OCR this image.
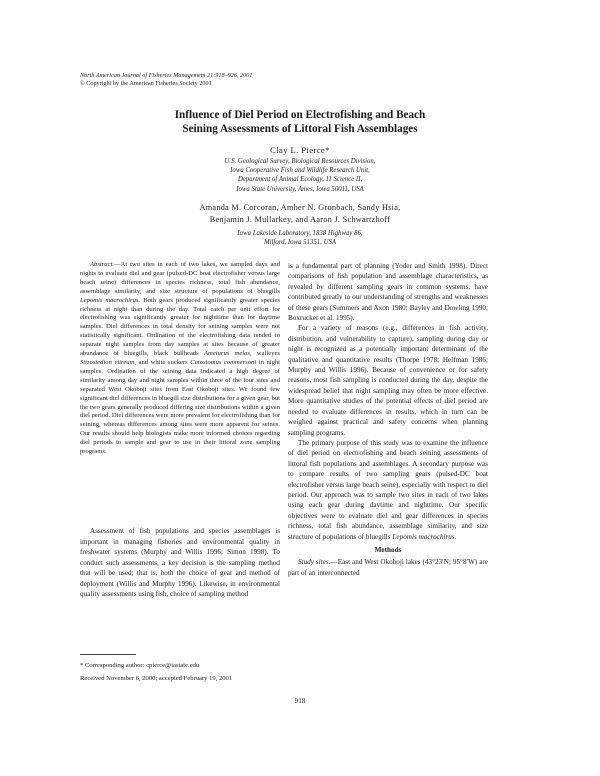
North American Journal of Fisheries Management 21:918–926, 2001
© Copyright by the American Fisheries Society 2001
Influence of Diel Period on Electrofishing and Beach
Seining Assessments of Littoral Fish Assemblages
Clay L. Pierce*
U.S. Geological Survey, Biological Resources Division,
Iowa Cooperative Fish and Wildlife Research Unit,
Department of Animal Ecology, 11 Science II,
Iowa State University, Ames, Iowa 50011, USA
Amanda M. Corcoran, Amber N. Gronbach, Sandy Hsia,
Benjamin J. Mullarkey, and Aaron J. Schwartzhoff
Iowa Lakeside Laboratory, 1838 Highway 86,
Milford, Iowa 51351, USA

Abstract.—At two sites in each of two lakes, we sampled days and nights to evaluate diel and gear (pulsed-DC boat electrofisher versus large beach seine) differences in species richness, total fish abundance, assemblage similarity, and size structure of populations of bluegills Lepomis macrochirus. Both gears produced significantly greater species richness at night than during the day. Total catch per unit effort for electrofishing was significantly greater for nighttime than for daytime samples. Diel differences in total density for seining samples were not statistically significant. Ordination of the electrofishing data tended to separate night samples from day samples at sites because of greater abundance of bluegills, black bullheads Ameiurus melas, walleyes Stizostedion vitreum, and white suckers Catostomus commersoni in night samples. Ordination of the seining data indicated a high degree of similarity among day and night samples within three of the four sites and separated West Okoboji sites from East Okoboji sites. We found few significant diel differences in bluegill size distributions for a given gear, but the two gears generally produced differing size distributions within a given diel period. Diel differences were more prevalent for electrofishing than for seining, whereas differences among sites were more apparent for seines. Our results should help biologists make more informed choices regarding diel periods to sample and gear to use in their littoral zone sampling programs.

Assessment of fish populations and species assemblages is important in managing fisheries and environmental quality in freshwater systems (Murphy and Willis 1996; Simon 1998). To conduct such assessments, a key decision is the sampling method that will be used; that is, both the choice of gear and method of deployment (Willis and Murphy 1996). Likewise, in environmental quality assessments using fish, choice of sampling method

is a fundamental part of planning (Yoder and Smith 1998). Direct comparisons of fish population and assemblage characteristics, as revealed by different sampling gears in common systems, have contributed greatly to our understanding of strengths and weaknesses of these gears (Summers and Axon 1980; Bayley and Dowling 1990; Boxrucker et al. 1995).

For a variety of reasons (e.g., differences in fish activity, distribution, and vulnerability to capture), sampling during day or night is recognized as a potentially important determinant of the qualitative and quantitative results (Thorpe 1978; Helfman 1986; Murphy and Willis 1996). Because of convenience or for safety reasons, most fish sampling is conducted during the day, despite the widespread belief that night sampling may often be more effective. More quantitative studies of the potential effects of diel period are needed to evaluate differences in results, which in turn can be weighed against practical and safety concerns when planning sampling programs.

The primary purpose of this study was to examine the influence of diel period on electrofishing and beach seining assessments of littoral fish populations and assemblages. A secondary purpose was to compare results of two sampling gears (pulsed-DC boat electrofisher versus large beach seine), especially with respect to diel period. Our approach was to sample two sites in each of two lakes using each gear during daytime and nighttime. Our specific objectives were to evaluate diel and gear differences in species richness, total fish abundance, assemblage similarity, and size structure of populations of bluegills Lepomis macrochirus.

Methods

Study sites.—East and West Okoboji lakes (43°23′N; 95°8′W) are part of an interconnected

* Corresponding author: cpierce@iastate.edu
Received November 6, 2000; accepted February 19, 2001
918
